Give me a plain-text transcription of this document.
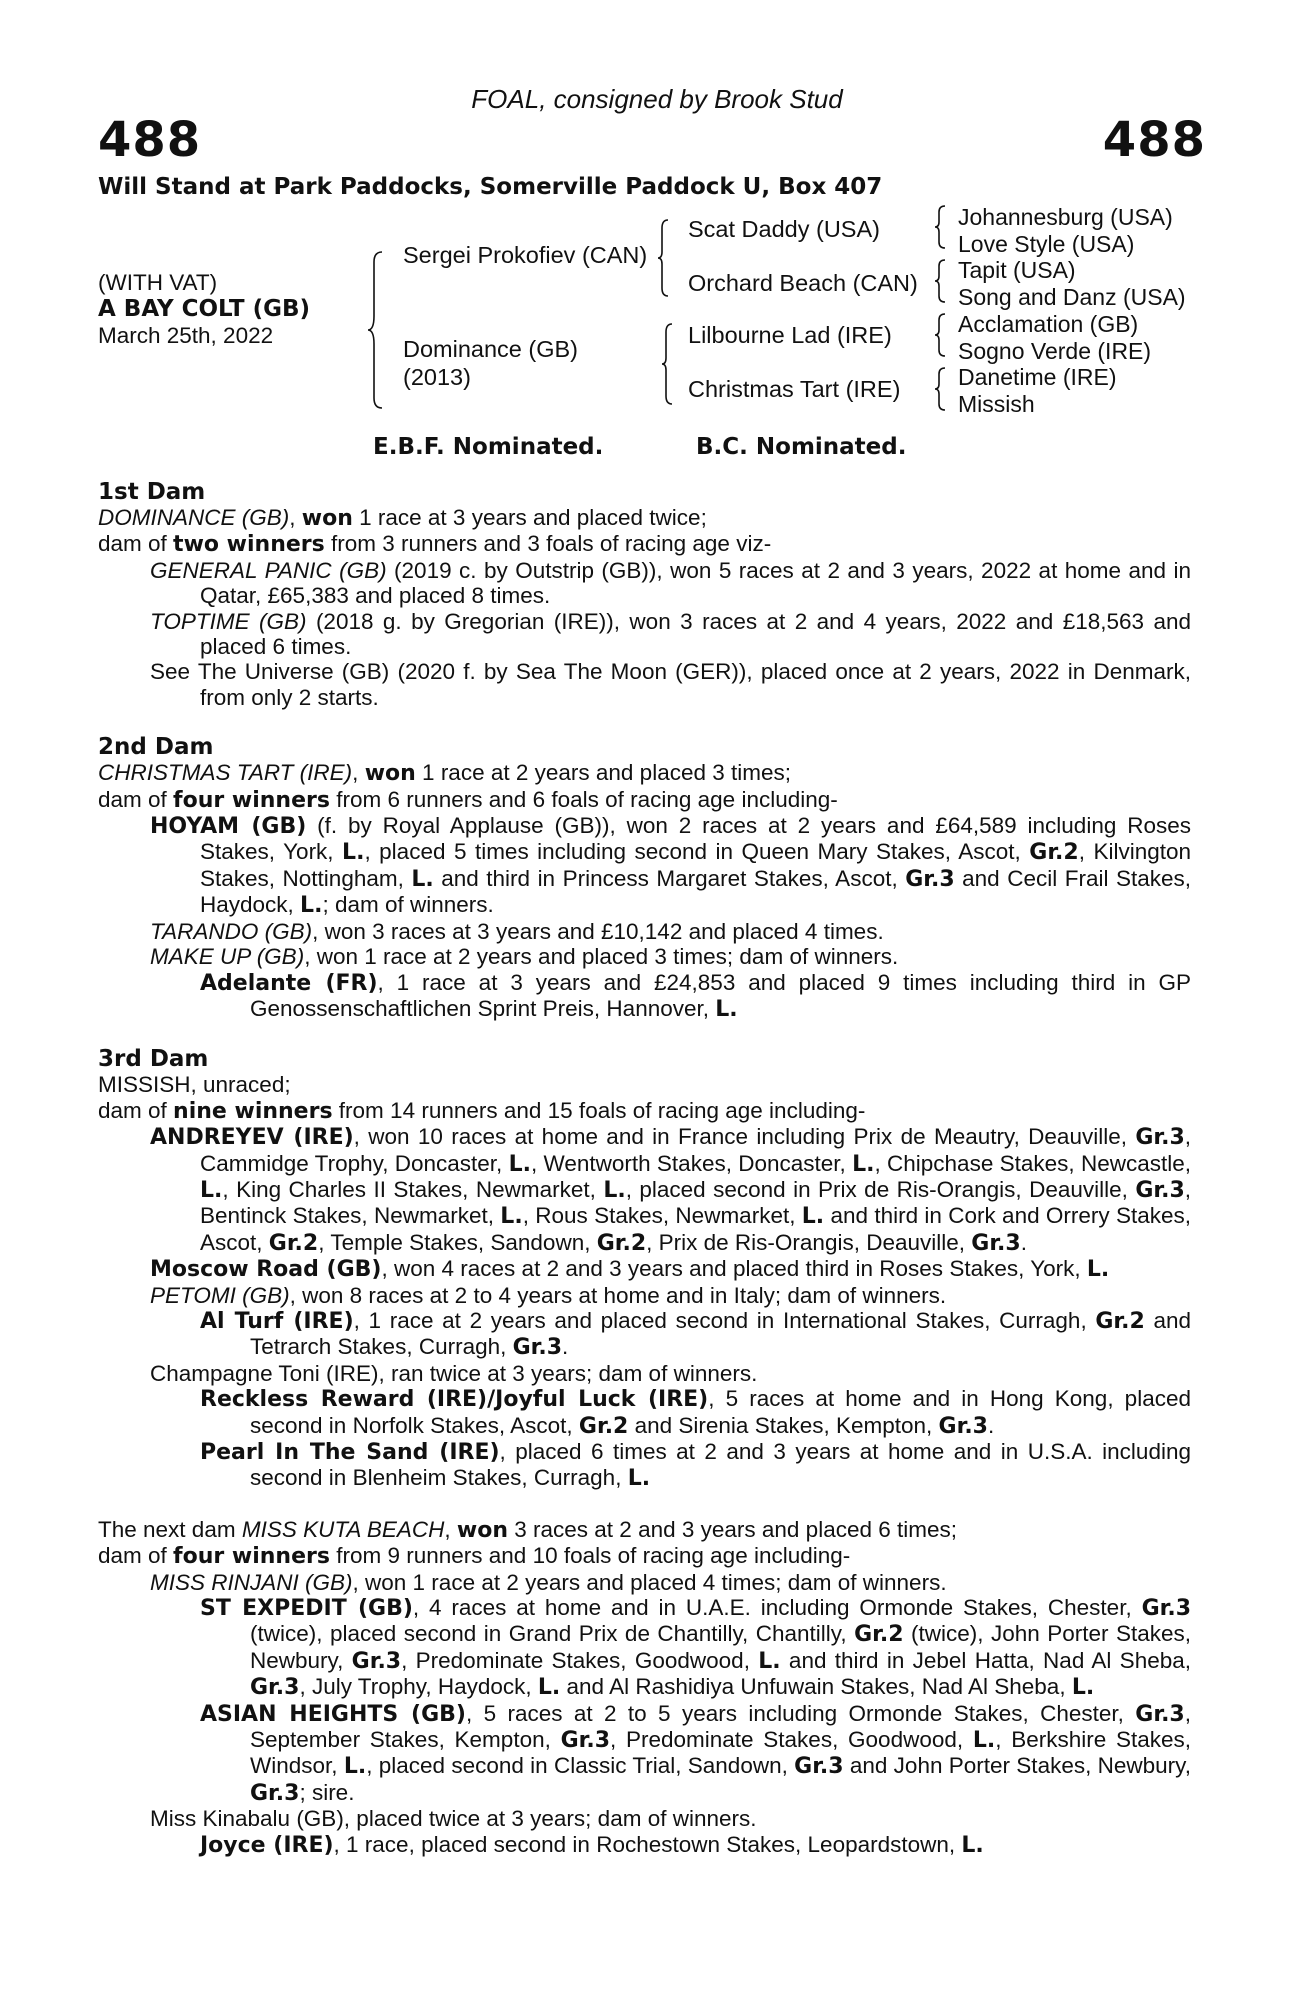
FOAL, consigned by Brook Stud
488	488
Will Stand at Park Paddocks, Somerville Paddock U, Box 407
(WITH VAT)
A BAY COLT (GB)
March 25th, 2022
Sergei Prokofiev (CAN)
Dominance (GB)
(2013)
Scat Daddy (USA)
Orchard Beach (CAN)
Lilbourne Lad (IRE)
Christmas Tart (IRE)
Johannesburg (USA)
Love Style (USA)
Tapit (USA)
Song and Danz (USA)
Acclamation (GB)
Sogno Verde (IRE)
Danetime (IRE)
Missish
E.B.F. Nominated.	B.C. Nominated.
1st Dam
DOMINANCE (GB), won 1 race at 3 years and placed twice;
dam of two winners from 3 runners and 3 foals of racing age viz-
GENERAL PANIC (GB) (2019 c. by Outstrip (GB)), won 5 races at 2 and 3 years, 2022 at home and in Qatar, £65,383 and placed 8 times.
TOPTIME (GB) (2018 g. by Gregorian (IRE)), won 3 races at 2 and 4 years, 2022 and £18,563 and placed 6 times.
See The Universe (GB) (2020 f. by Sea The Moon (GER)), placed once at 2 years, 2022 in Denmark, from only 2 starts.
2nd Dam
CHRISTMAS TART (IRE), won 1 race at 2 years and placed 3 times;
dam of four winners from 6 runners and 6 foals of racing age including-
HOYAM (GB) (f. by Royal Applause (GB)), won 2 races at 2 years and £64,589 including Roses Stakes, York, L., placed 5 times including second in Queen Mary Stakes, Ascot, Gr.2, Kilvington Stakes, Nottingham, L. and third in Princess Margaret Stakes, Ascot, Gr.3 and Cecil Frail Stakes, Haydock, L.; dam of winners.
TARANDO (GB), won 3 races at 3 years and £10,142 and placed 4 times.
MAKE UP (GB), won 1 race at 2 years and placed 3 times; dam of winners.
Adelante (FR), 1 race at 3 years and £24,853 and placed 9 times including third in GP Genossenschaftlichen Sprint Preis, Hannover, L.
3rd Dam
MISSISH, unraced;
dam of nine winners from 14 runners and 15 foals of racing age including-
ANDREYEV (IRE), won 10 races at home and in France including Prix de Meautry, Deauville, Gr.3, Cammidge Trophy, Doncaster, L., Wentworth Stakes, Doncaster, L., Chipchase Stakes, Newcastle, L., King Charles II Stakes, Newmarket, L., placed second in Prix de Ris-Orangis, Deauville, Gr.3, Bentinck Stakes, Newmarket, L., Rous Stakes, Newmarket, L. and third in Cork and Orrery Stakes, Ascot, Gr.2, Temple Stakes, Sandown, Gr.2, Prix de Ris-Orangis, Deauville, Gr.3.
Moscow Road (GB), won 4 races at 2 and 3 years and placed third in Roses Stakes, York, L.
PETOMI (GB), won 8 races at 2 to 4 years at home and in Italy; dam of winners.
Al Turf (IRE), 1 race at 2 years and placed second in International Stakes, Curragh, Gr.2 and Tetrarch Stakes, Curragh, Gr.3.
Champagne Toni (IRE), ran twice at 3 years; dam of winners.
Reckless Reward (IRE)/Joyful Luck (IRE), 5 races at home and in Hong Kong, placed second in Norfolk Stakes, Ascot, Gr.2 and Sirenia Stakes, Kempton, Gr.3.
Pearl In The Sand (IRE), placed 6 times at 2 and 3 years at home and in U.S.A. including second in Blenheim Stakes, Curragh, L.
The next dam MISS KUTA BEACH, won 3 races at 2 and 3 years and placed 6 times;
dam of four winners from 9 runners and 10 foals of racing age including-
MISS RINJANI (GB), won 1 race at 2 years and placed 4 times; dam of winners.
ST EXPEDIT (GB), 4 races at home and in U.A.E. including Ormonde Stakes, Chester, Gr.3 (twice), placed second in Grand Prix de Chantilly, Chantilly, Gr.2 (twice), John Porter Stakes, Newbury, Gr.3, Predominate Stakes, Goodwood, L. and third in Jebel Hatta, Nad Al Sheba, Gr.3, July Trophy, Haydock, L. and Al Rashidiya Unfuwain Stakes, Nad Al Sheba, L.
ASIAN HEIGHTS (GB), 5 races at 2 to 5 years including Ormonde Stakes, Chester, Gr.3, September Stakes, Kempton, Gr.3, Predominate Stakes, Goodwood, L., Berkshire Stakes, Windsor, L., placed second in Classic Trial, Sandown, Gr.3 and John Porter Stakes, Newbury, Gr.3; sire.
Miss Kinabalu (GB), placed twice at 3 years; dam of winners.
Joyce (IRE), 1 race, placed second in Rochestown Stakes, Leopardstown, L.
